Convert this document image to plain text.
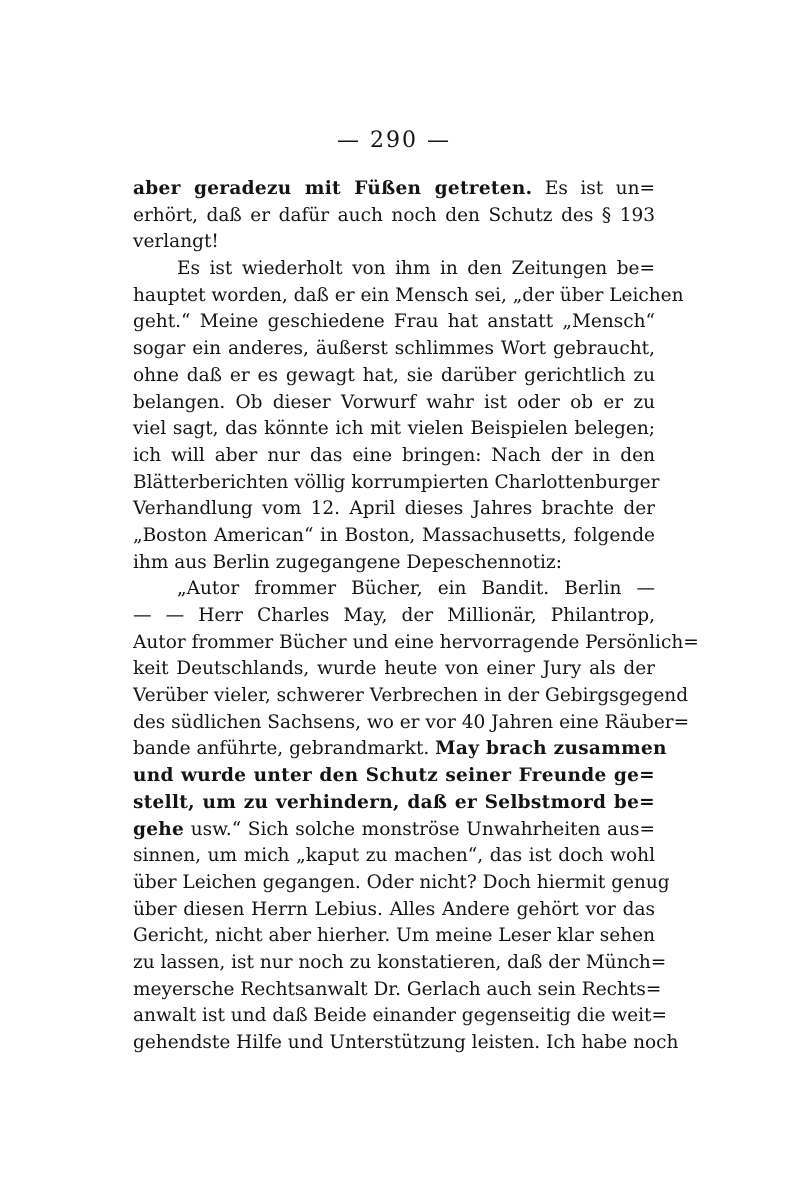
— 290 —
aber geradezu mit Füßen getreten. Es ist un=
erhört, daß er dafür auch noch den Schutz des § 193
verlangt!
Es ist wiederholt von ihm in den Zeitungen be=
hauptet worden, daß er ein Mensch sei, „der über Leichen
geht.“ Meine geschiedene Frau hat anstatt „Mensch“
sogar ein anderes, äußerst schlimmes Wort gebraucht,
ohne daß er es gewagt hat, sie darüber gerichtlich zu
belangen. Ob dieser Vorwurf wahr ist oder ob er zu
viel sagt, das könnte ich mit vielen Beispielen belegen;
ich will aber nur das eine bringen: Nach der in den
Blätterberichten völlig korrumpierten Charlottenburger
Verhandlung vom 12. April dieses Jahres brachte der
„Boston American“ in Boston, Massachusetts, folgende
ihm aus Berlin zugegangene Depeschennotiz:
„Autor frommer Bücher, ein Bandit. Berlin —
— — Herr Charles May, der Millionär, Philantrop,
Autor frommer Bücher und eine hervorragende Persönlich=
keit Deutschlands, wurde heute von einer Jury als der
Verüber vieler, schwerer Verbrechen in der Gebirgsgegend
des südlichen Sachsens, wo er vor 40 Jahren eine Räuber=
bande anführte, gebrandmarkt. May brach zusammen
und wurde unter den Schutz seiner Freunde ge=
stellt, um zu verhindern, daß er Selbstmord be=
gehe usw.“ Sich solche monströse Unwahrheiten aus=
sinnen, um mich „kaput zu machen“, das ist doch wohl
über Leichen gegangen. Oder nicht? Doch hiermit genug
über diesen Herrn Lebius. Alles Andere gehört vor das
Gericht, nicht aber hierher. Um meine Leser klar sehen
zu lassen, ist nur noch zu konstatieren, daß der Münch=
meyersche Rechtsanwalt Dr. Gerlach auch sein Rechts=
anwalt ist und daß Beide einander gegenseitig die weit=
gehendste Hilfe und Unterstützung leisten. Ich habe noch
